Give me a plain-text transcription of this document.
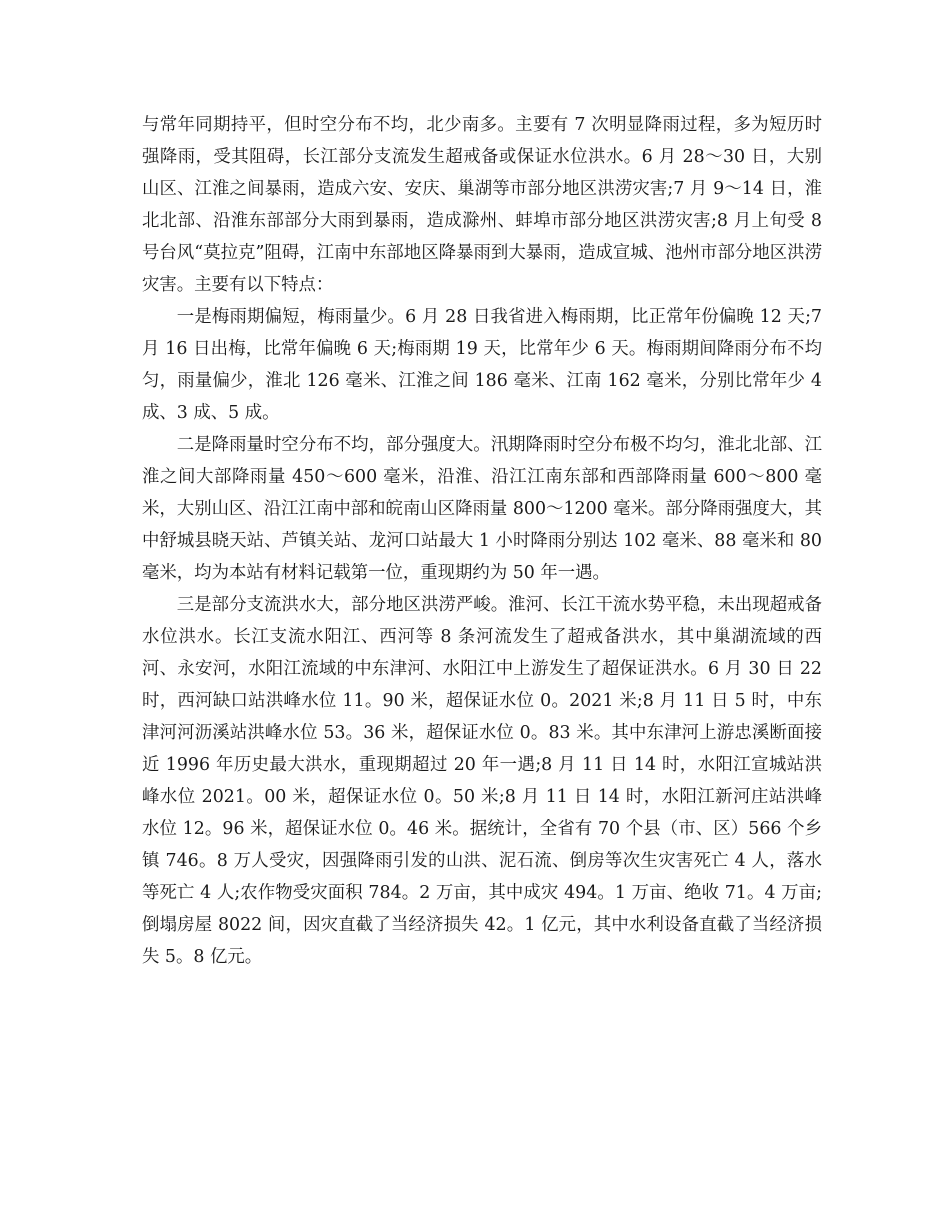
与常年同期持平，但时空分布不均，北少南多。主要有 7 次明显降雨过程，多为短历时强降雨，受其阻碍，长江部分支流发生超戒备或保证水位洪水。6 月 28～30 日，大别山区、江淮之间暴雨，造成六安、安庆、巢湖等市部分地区洪涝灾害;7 月 9～14 日，淮北北部、沿淮东部部分大雨到暴雨，造成滁州、蚌埠市部分地区洪涝灾害;8 月上旬受 8 号台风“莫拉克”阻碍，江南中东部地区降暴雨到大暴雨，造成宣城、池州市部分地区洪涝灾害。主要有以下特点：

一是梅雨期偏短，梅雨量少。6 月 28 日我省进入梅雨期，比正常年份偏晚 12 天;7 月 16 日出梅，比常年偏晚 6 天;梅雨期 19 天，比常年少 6 天。梅雨期间降雨分布不均匀，雨量偏少，淮北 126 毫米、江淮之间 186 毫米、江南 162 毫米，分别比常年少 4 成、3 成、5 成。

二是降雨量时空分布不均，部分强度大。汛期降雨时空分布极不均匀，淮北北部、江淮之间大部降雨量 450～600 毫米，沿淮、沿江江南东部和西部降雨量 600～800 毫米，大别山区、沿江江南中部和皖南山区降雨量 800～1200 毫米。部分降雨强度大，其中舒城县晓天站、芦镇关站、龙河口站最大 1 小时降雨分别达 102 毫米、88 毫米和 80 毫米，均为本站有材料记载第一位，重现期约为 50 年一遇。

三是部分支流洪水大，部分地区洪涝严峻。淮河、长江干流水势平稳，未出现超戒备水位洪水。长江支流水阳江、西河等 8 条河流发生了超戒备洪水，其中巢湖流域的西河、永安河，水阳江流域的中东津河、水阳江中上游发生了超保证洪水。6 月 30 日 22 时，西河缺口站洪峰水位 11。90 米，超保证水位 0。2021 米;8 月 11 日 5 时，中东津河河沥溪站洪峰水位 53。36 米，超保证水位 0。83 米。其中东津河上游忠溪断面接近 1996 年历史最大洪水，重现期超过 20 年一遇;8 月 11 日 14 时，水阳江宣城站洪峰水位 2021。00 米，超保证水位 0。50 米;8 月 11 日 14 时，水阳江新河庄站洪峰水位 12。96 米，超保证水位 0。46 米。据统计，全省有 70 个县（市、区）566 个乡镇 746。8 万人受灾，因强降雨引发的山洪、泥石流、倒房等次生灾害死亡 4 人，落水等死亡 4 人;农作物受灾面积 784。2 万亩，其中成灾 494。1 万亩、绝收 71。4 万亩;倒塌房屋 8022 间，因灾直截了当经济损失 42。1 亿元，其中水利设备直截了当经济损失 5。8 亿元。
